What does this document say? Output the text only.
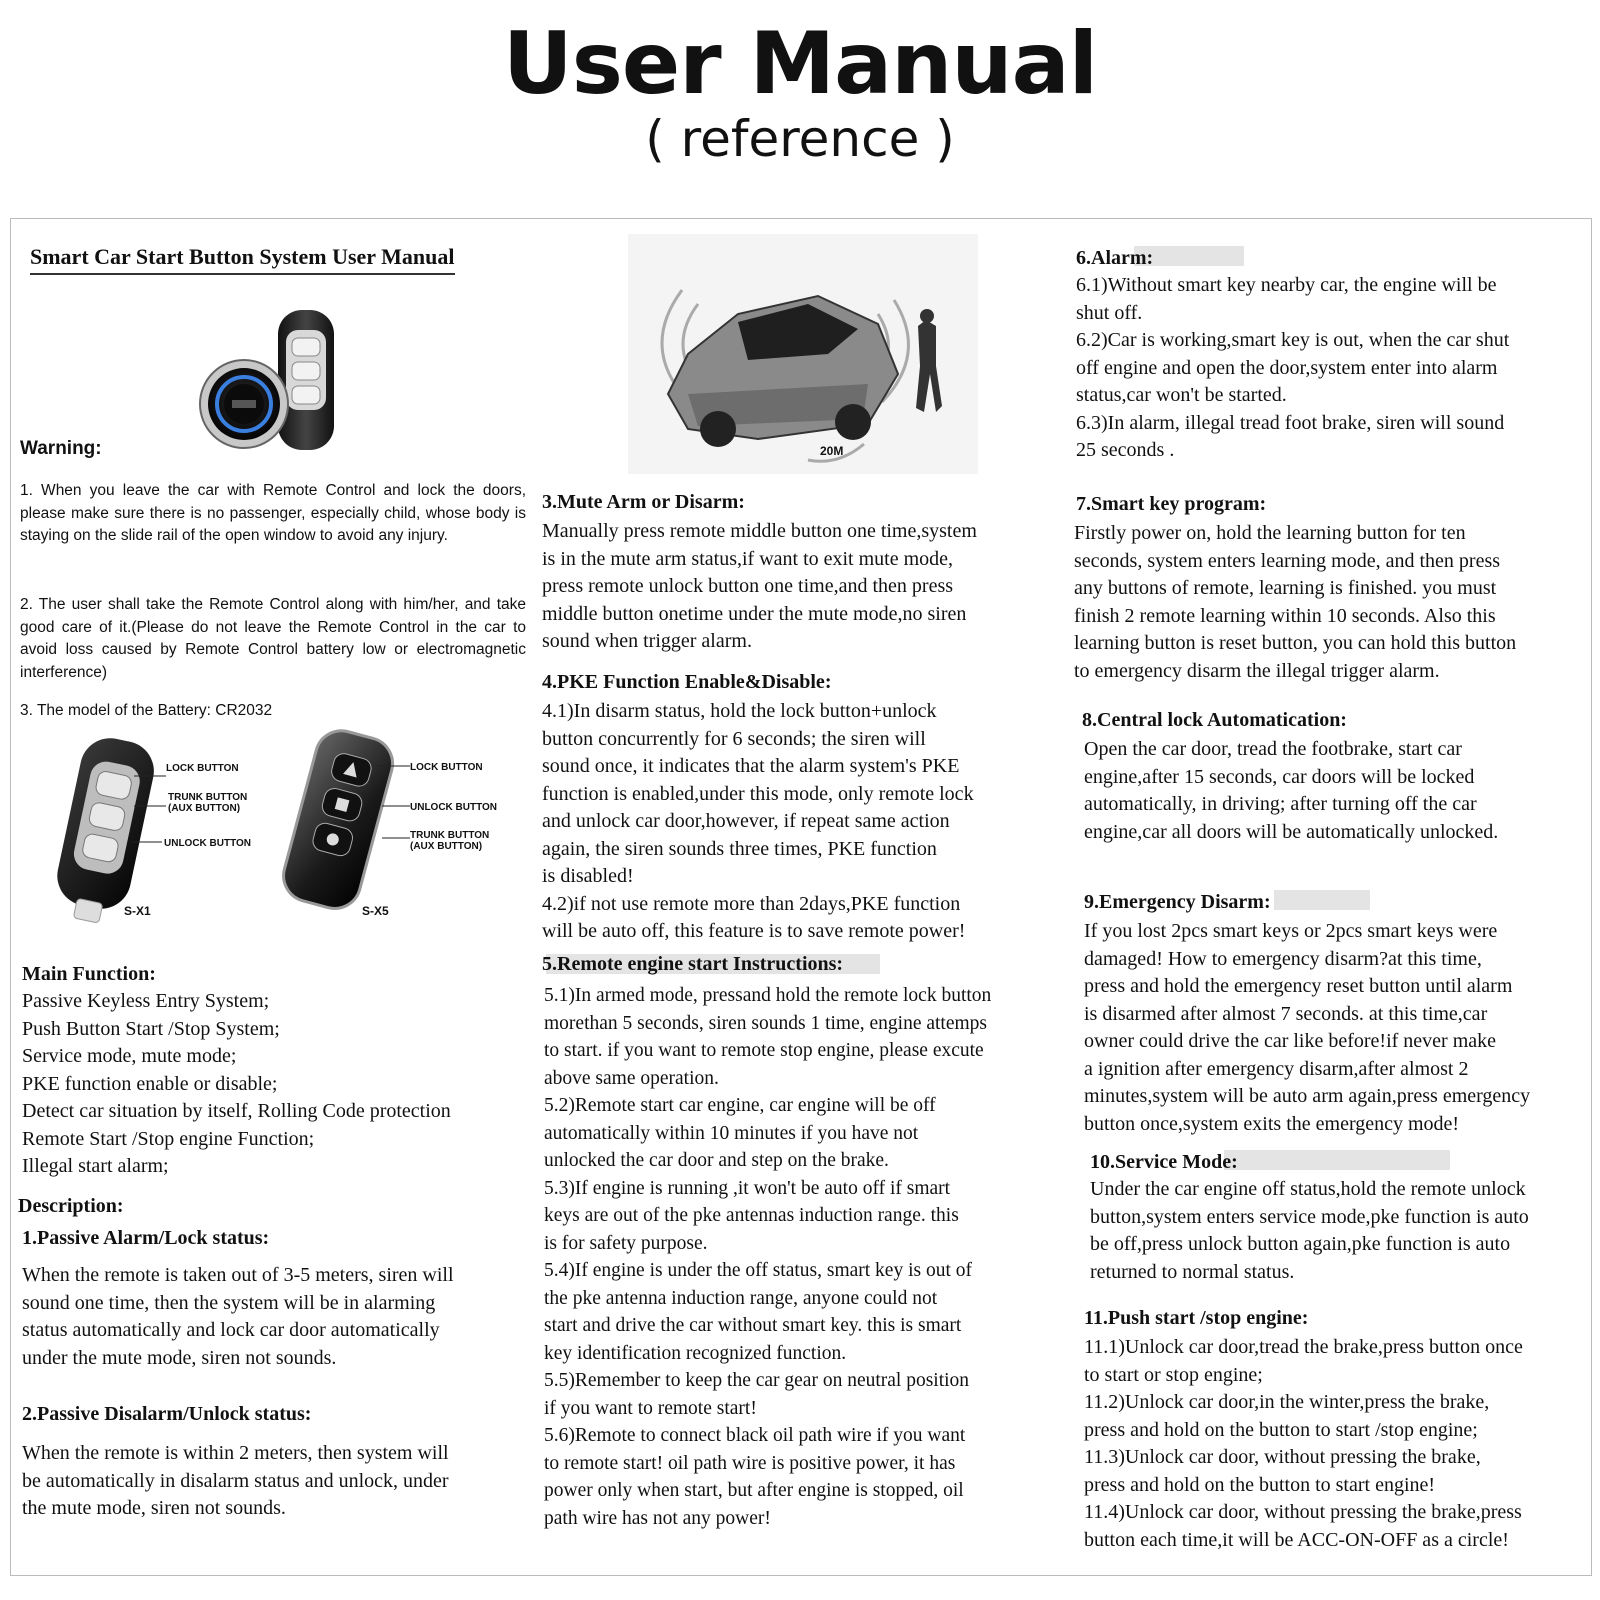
User Manual
( reference )
Smart Car Start Button System User Manual
Warning:
1. When you leave the car with Remote Control and lock the doors, please make sure there is no passenger, especially child, whose body is staying on the slide rail of the open window to avoid any injury.
2. The user shall take the Remote Control along with him/her, and take good care of it.(Please do not leave the Remote Control in the car to avoid loss caused by Remote Control battery low or electromagnetic interference)
3. The model of the Battery: CR2032
LOCK BUTTON
TRUNK BUTTON
(AUX BUTTON)
UNLOCK BUTTON
S-X1
LOCK BUTTON
UNLOCK BUTTON
TRUNK BUTTON
(AUX BUTTON)
S-X5
Main Function:
Passive Keyless Entry System;
Push Button Start /Stop System;
Service mode, mute mode;
PKE function enable or disable;
Detect car situation by itself, Rolling Code protection
Remote Start /Stop engine Function;
Illegal start alarm;
Description:
1.Passive Alarm/Lock status:
When the remote is taken out of 3-5 meters, siren will
sound one time, then the system will be in alarming
status automatically and lock car door automatically
under the mute mode, siren not sounds.
2.Passive Disalarm/Unlock status:
When the remote is within 2 meters, then system will
be automatically in disalarm status and unlock, under
the mute mode, siren not sounds.
20M
3.Mute Arm or Disarm:
Manually press remote middle button one time,system
is in the mute arm status,if want to exit mute mode,
press remote unlock button one time,and then press
middle button onetime under the mute mode,no siren
sound when trigger alarm.
4.PKE Function Enable&Disable:
4.1)In disarm status, hold the lock button+unlock
button concurrently for 6 seconds; the siren will
sound once, it indicates that the alarm system's PKE
function is enabled,under this mode, only remote lock
and unlock car door,however, if repeat same action
again, the siren sounds three times, PKE function
is disabled!
4.2)if not use remote more than 2days,PKE function
will be auto off, this feature is to save remote power!
5.Remote engine start Instructions:
5.1)In armed mode, pressand hold the remote lock button
morethan 5 seconds, siren sounds 1 time, engine attemps
to start. if you want to remote stop engine, please excute
above same operation.
5.2)Remote start car engine, car engine will be off
automatically within 10 minutes if you have not
unlocked the car door and step on the brake.
5.3)If engine is running ,it won't be auto off if smart
keys are out of the pke antennas induction range. this
is for safety purpose.
5.4)If engine is under the off status, smart key is out of
the pke antenna induction range, anyone could not
start and drive the car without smart key. this is smart
key identification recognized function.
5.5)Remember to keep the car gear on neutral position
if you want to remote start!
5.6)Remote to connect black oil path wire if you want
to remote start! oil path wire is positive power, it has
power only when start, but after engine is stopped, oil
path wire has not any power!
6.Alarm:
6.1)Without smart key nearby car, the engine will be
shut off.
6.2)Car is working,smart key is out, when the car shut
off engine and open the door,system enter into alarm
status,car won't be started.
6.3)In alarm, illegal tread foot brake, siren will sound
25 seconds .
7.Smart key program:
Firstly power on, hold the learning button for ten
seconds, system enters learning mode, and then press
any buttons of remote, learning is finished. you must
finish 2 remote learning within 10 seconds. Also this
learning button is reset button, you can hold this button
to emergency disarm the illegal trigger alarm.
8.Central lock Automatication:
Open the car door, tread the footbrake, start car
engine,after 15 seconds, car doors will be locked
automatically, in driving; after turning off the car
engine,car all doors will be automatically unlocked.
9.Emergency Disarm:
If you lost 2pcs smart keys or 2pcs smart keys were
damaged! How to emergency disarm?at this time,
press and hold the emergency reset button until alarm
is disarmed after almost 7 seconds. at this time,car
owner could drive the car like before!if never make
a ignition after emergency disarm,after almost 2
minutes,system will be auto arm again,press emergency
button once,system exits the emergency mode!
10.Service Mode:
Under the car engine off status,hold the remote unlock
button,system enters service mode,pke function is auto
be off,press unlock button again,pke function is auto
returned to normal status.
11.Push start /stop engine:
11.1)Unlock car door,tread the brake,press button once
to start or stop engine;
11.2)Unlock car door,in the winter,press the brake,
press and hold on the button to start /stop engine;
11.3)Unlock car door, without pressing the brake,
press and hold on the button to start engine!
11.4)Unlock car door, without pressing the brake,press
button each time,it will be ACC-ON-OFF as a circle!
